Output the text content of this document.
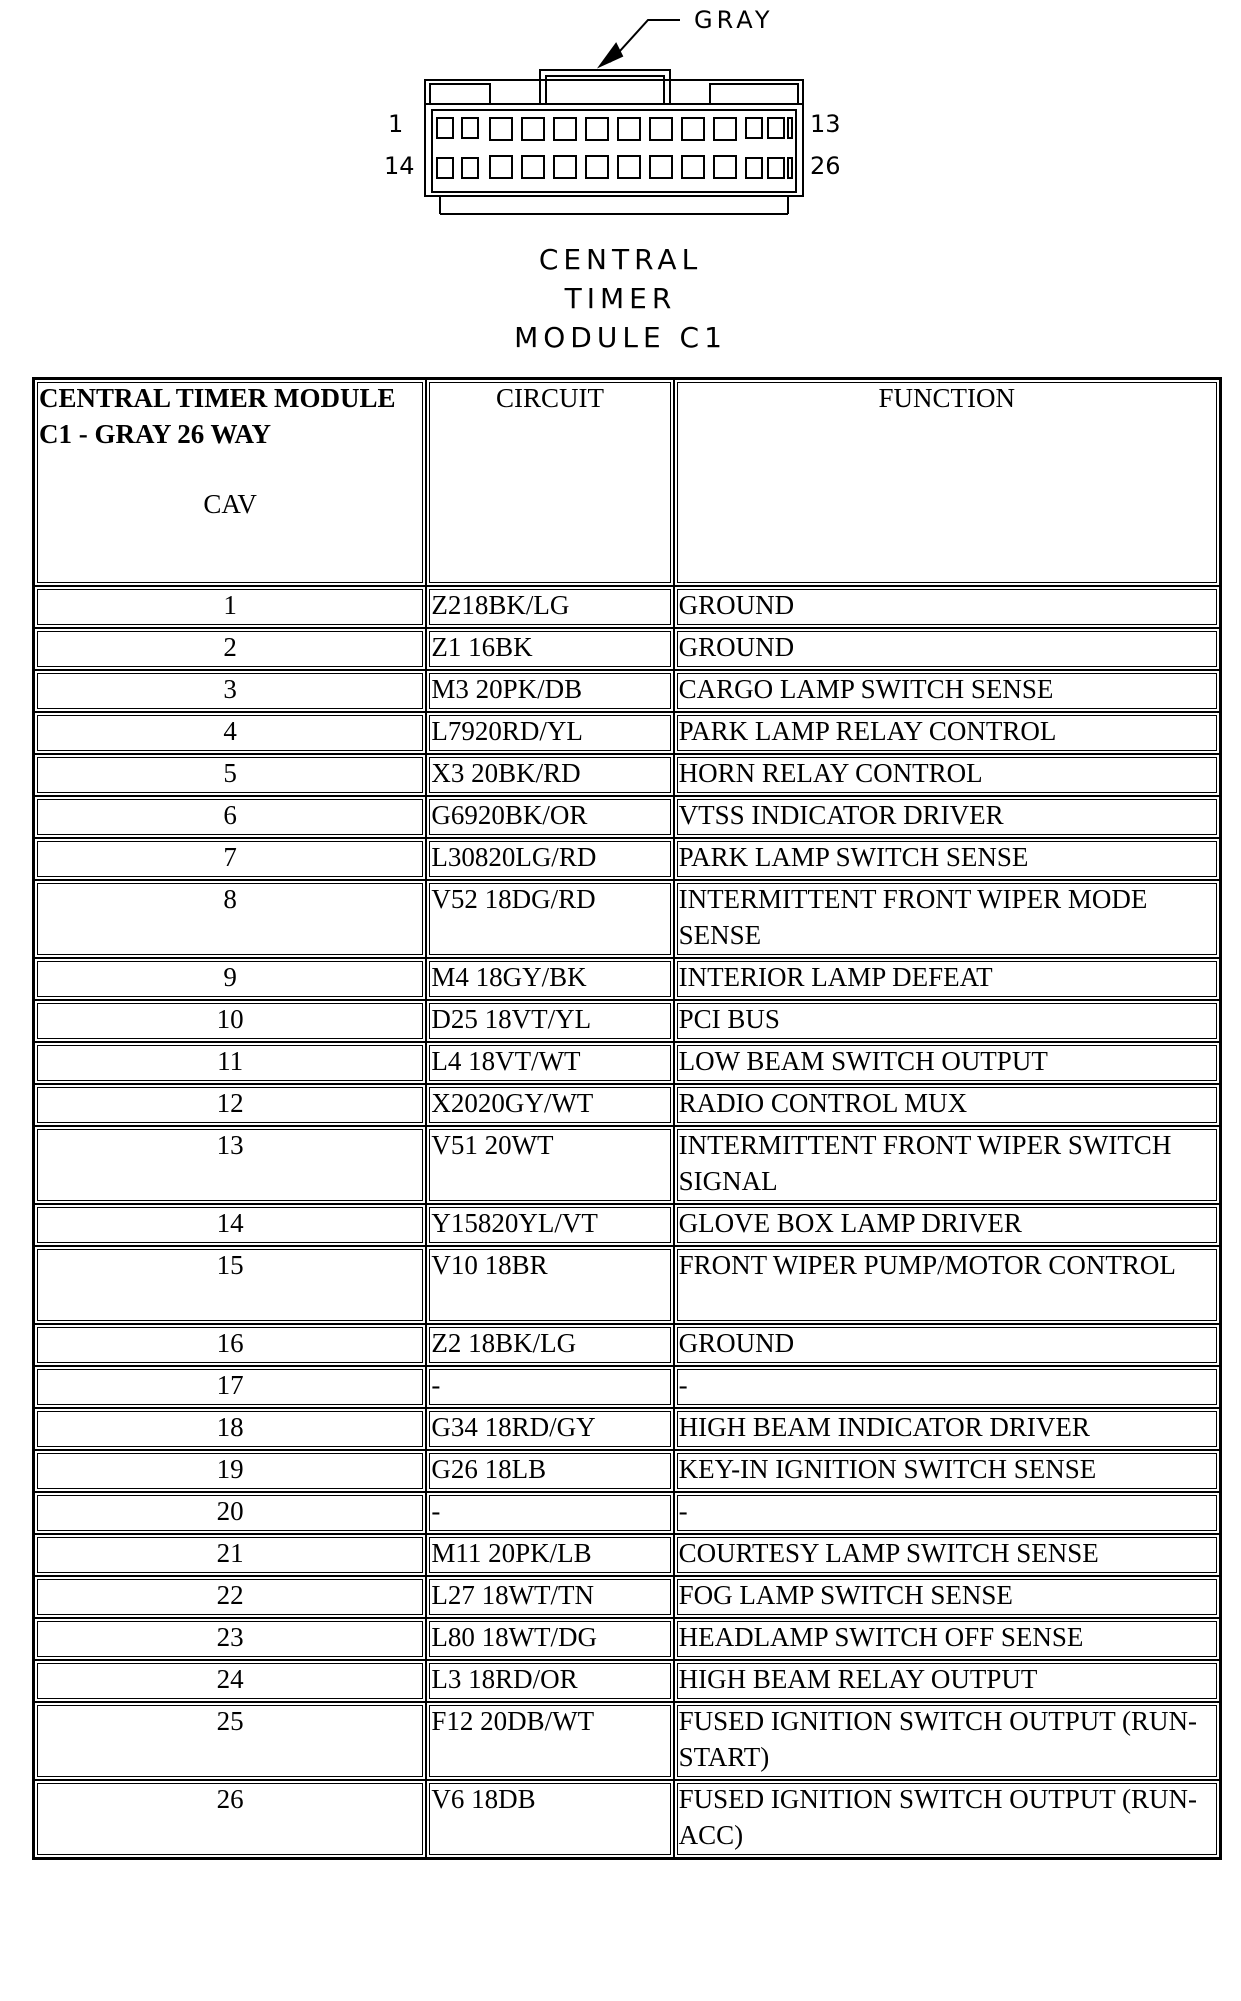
GRAY
1
14
13
26
CENTRAL
TIMER
MODULE C1
CENTRAL TIMER MODULE C1 - GRAY 26 WAY
CAV	CIRCUIT	FUNCTION
1	Z218BK/LG	GROUND
2	Z1 16BK	GROUND
3	M3 20PK/DB	CARGO LAMP SWITCH SENSE
4	L7920RD/YL	PARK LAMP RELAY CONTROL
5	X3 20BK/RD	HORN RELAY CONTROL
6	G6920BK/OR	VTSS INDICATOR DRIVER
7	L30820LG/RD	PARK LAMP SWITCH SENSE
8	V52 18DG/RD	INTERMITTENT FRONT WIPER MODE SENSE
9	M4 18GY/BK	INTERIOR LAMP DEFEAT
10	D25 18VT/YL	PCI BUS
11	L4 18VT/WT	LOW BEAM SWITCH OUTPUT
12	X2020GY/WT	RADIO CONTROL MUX
13	V51 20WT	INTERMITTENT FRONT WIPER SWITCH SIGNAL
14	Y15820YL/VT	GLOVE BOX LAMP DRIVER
15	V10 18BR	FRONT WIPER PUMP/MOTOR CONTROL
16	Z2 18BK/LG	GROUND
17	-	-
18	G34 18RD/GY	HIGH BEAM INDICATOR DRIVER
19	G26 18LB	KEY-IN IGNITION SWITCH SENSE
20	-	-
21	M11 20PK/LB	COURTESY LAMP SWITCH SENSE
22	L27 18WT/TN	FOG LAMP SWITCH SENSE
23	L80 18WT/DG	HEADLAMP SWITCH OFF SENSE
24	L3 18RD/OR	HIGH BEAM RELAY OUTPUT
25	F12 20DB/WT	FUSED IGNITION SWITCH OUTPUT (RUN-START)
26	V6 18DB	FUSED IGNITION SWITCH OUTPUT (RUN-ACC)
